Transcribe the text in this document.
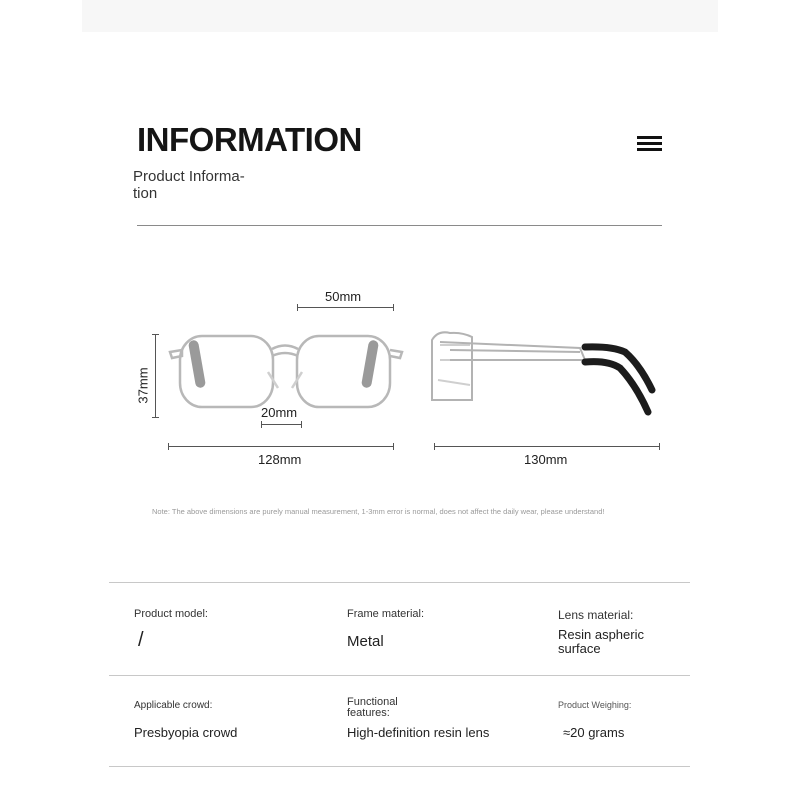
INFORMATION
Product Informa- tion
50mm
37mm
20mm
128mm	130mm
Note: The above dimensions are purely manual measurement, 1-3mm error is normal, does not affect the daily wear, please understand!
Product model:
/
Frame material:
Metal
Lens material:
Resin aspheric surface
Applicable crowd:
Presbyopia crowd
Functional features:
High-definition resin lens
Product Weighing:
≈20 grams
